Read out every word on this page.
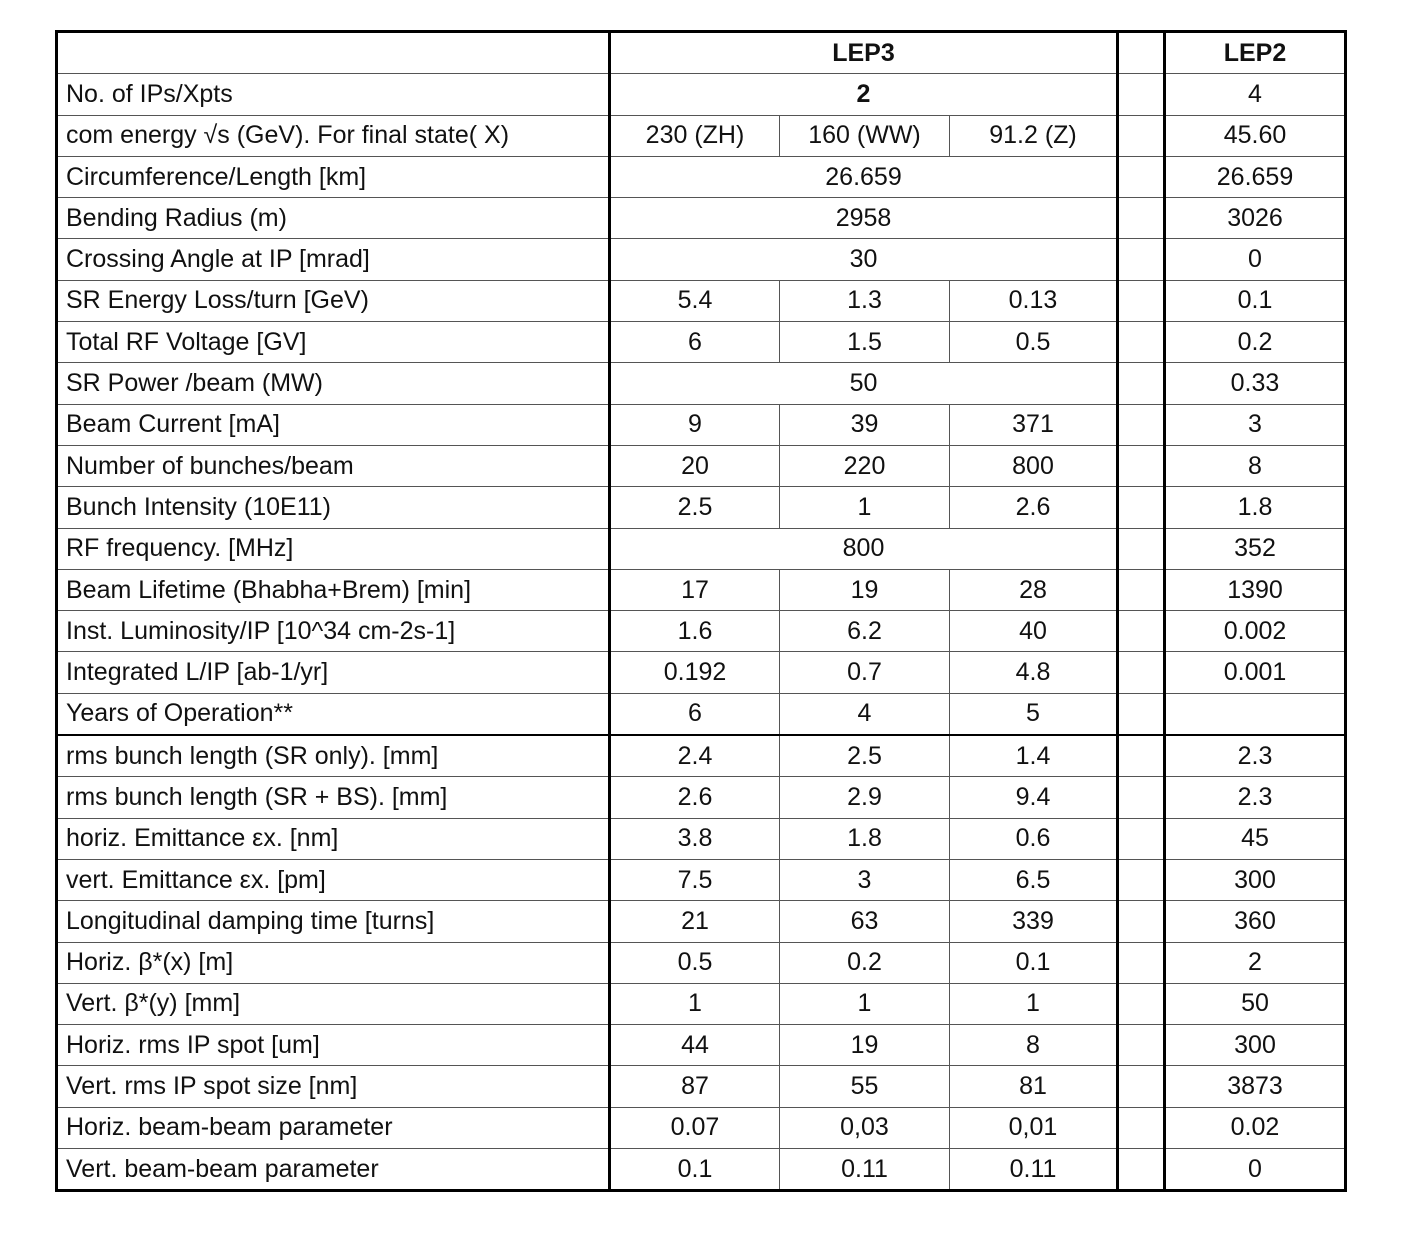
	LEP3				LEP2
No. of IPs/Xpts	2				4
com energy √s (GeV). For final state( X)	230 (ZH)	160 (WW)	91.2 (Z)		45.60
Circumference/Length [km]	26.659				26.659
Bending Radius (m)	2958				3026
Crossing Angle at IP [mrad]	30				0
SR Energy Loss/turn [GeV)	5.4	1.3	0.13		0.1
Total RF Voltage [GV]	6	1.5	0.5		0.2
SR Power /beam (MW)	50				0.33
Beam Current [mA]	9	39	371		3
Number of bunches/beam	20	220	800		8
Bunch Intensity (10E11)	2.5	1	2.6		1.8
RF frequency. [MHz]	800				352
Beam Lifetime (Bhabha+Brem) [min]	17	19	28		1390
Inst. Luminosity/IP [10^34 cm-2s-1]	1.6	6.2	40		0.002
Integrated L/IP [ab-1/yr]	0.192	0.7	4.8		0.001
Years of Operation**	6	4	5		
rms bunch length (SR only). [mm]	2.4	2.5	1.4		2.3
rms bunch length (SR + BS). [mm]	2.6	2.9	9.4		2.3
horiz. Emittance εx. [nm]	3.8	1.8	0.6		45
vert. Emittance εx. [pm]	7.5	3	6.5		300
Longitudinal damping time [turns]	21	63	339		360
Horiz. β*(x) [m]	0.5	0.2	0.1		2
Vert. β*(y) [mm]	1	1	1		50
Horiz. rms IP spot [um]	44	19	8		300
Vert. rms IP spot size [nm]	87	55	81		3873
Horiz. beam-beam parameter	0.07	0,03	0,01		0.02
Vert. beam-beam parameter	0.1	0.11	0.11		0
